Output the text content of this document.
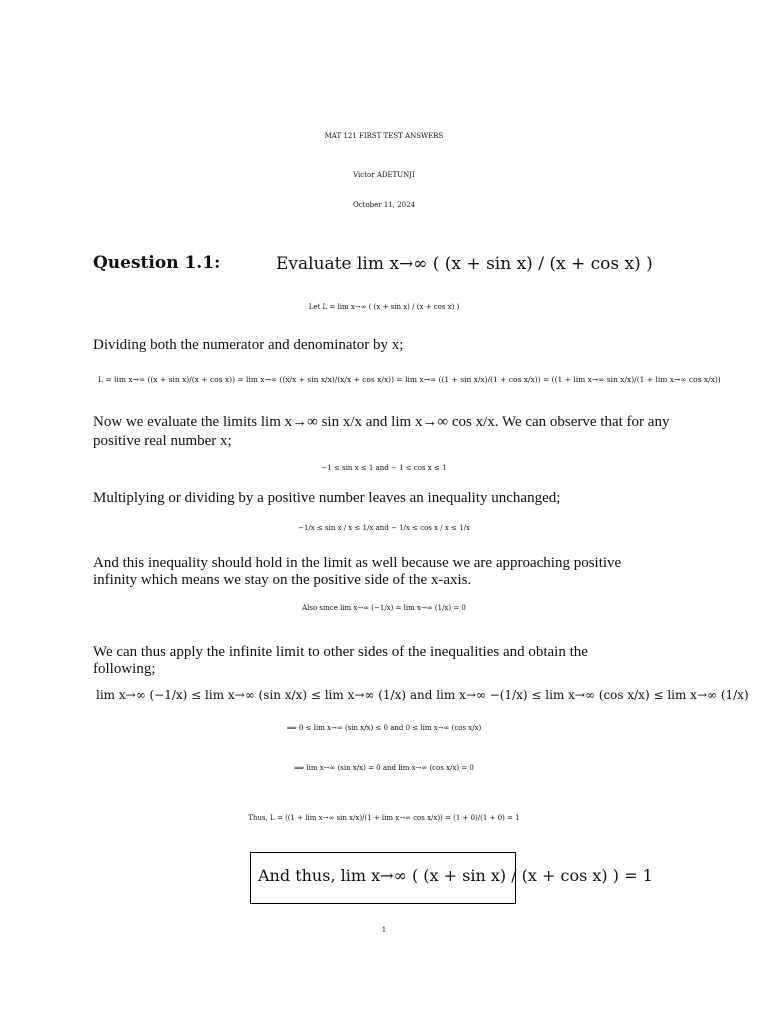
MAT 121 FIRST TEST ANSWERS
Victor ADETUNJI
October 11, 2024
Question 1.1:	Evaluate lim x→∞ ( (x + sin x) / (x + cos x) )
Let L = lim x→∞ ( (x + sin x) / (x + cos x) )
Dividing both the numerator and denominator by x;
L = lim x→∞ ((x + sin x)/(x + cos x)) = lim x→∞ ((x/x + sin x/x)/(x/x + cos x/x)) = lim x→∞ ((1 + sin x/x)/(1 + cos x/x)) = ((1 + lim x→∞ sin x/x)/(1 + lim x→∞ cos x/x))
Now we evaluate the limits lim x→∞ sin x/x and lim x→∞ cos x/x. We can observe that for any
positive real number x;
−1 ≤ sin x ≤ 1 and − 1 ≤ cos x ≤ 1
Multiplying or dividing by a positive number leaves an inequality unchanged;
−1/x ≤ sin x / x ≤ 1/x and − 1/x ≤ cos x / x ≤ 1/x
And this inequality should hold in the limit as well because we are approaching positive
infinity which means we stay on the positive side of the x-axis.
Also since lim x→∞ (−1/x) = lim x→∞ (1/x) = 0
We can thus apply the infinite limit to other sides of the inequalities and obtain the
following;
lim x→∞ (−1/x) ≤ lim x→∞ (sin x/x) ≤ lim x→∞ (1/x) and lim x→∞ −(1/x) ≤ lim x→∞ (cos x/x) ≤ lim x→∞ (1/x)
⟹ 0 ≤ lim x→∞ (sin x/x) ≤ 0 and 0 ≤ lim x→∞ (cos x/x)
⟹ lim x→∞ (sin x/x) = 0 and lim x→∞ (cos x/x) = 0
Thus, L = ((1 + lim x→∞ sin x/x)/(1 + lim x→∞ cos x/x)) = (1 + 0)/(1 + 0) = 1
And thus, lim x→∞ ( (x + sin x) / (x + cos x) ) = 1
1
